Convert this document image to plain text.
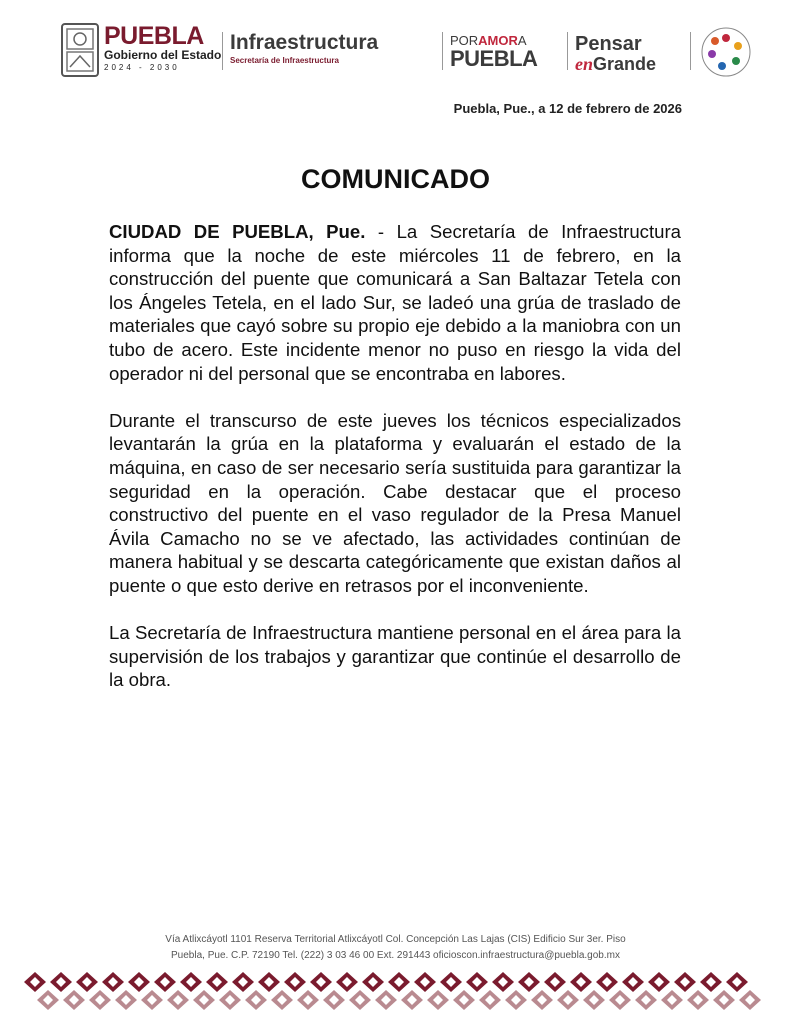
PUEBLA
Gobierno del Estado
2024 - 2030
Infraestructura
Secretaría de Infraestructura
PORAMORA
PUEBLA
Pensar
enGrande
Puebla, Pue., a 12 de febrero de 2026
COMUNICADO

CIUDAD DE PUEBLA, Pue. - La Secretaría de Infraestructura informa que la noche de este miércoles 11 de febrero, en la construcción del puente que comunicará a San Baltazar Tetela con los Ángeles Tetela, en el lado Sur, se ladeó una grúa de traslado de materiales que cayó sobre su propio eje debido a la maniobra con un tubo de acero. Este incidente menor no puso en riesgo la vida del operador ni del personal que se encontraba en labores.

Durante el transcurso de este jueves los técnicos especializados levantarán la grúa en la plataforma y evaluarán el estado de la máquina, en caso de ser necesario sería sustituida para garantizar la seguridad en la operación. Cabe destacar que el proceso constructivo del puente en el vaso regulador de la Presa Manuel Ávila Camacho no se ve afectado, las actividades continúan de manera habitual y se descarta categóricamente que existan daños al puente o que esto derive en retrasos por el inconveniente.

La Secretaría de Infraestructura mantiene personal en el área para la supervisión de los trabajos y garantizar que continúe el desarrollo de la obra.

Vía Atlixcáyotl 1101 Reserva Territorial Atlixcáyotl Col. Concepción Las Lajas (CIS) Edificio Sur 3er. Piso
Puebla, Pue. C.P. 72190 Tel. (222) 3 03 46 00 Ext. 291443 oficioscon.infraestructura@puebla.gob.mx
